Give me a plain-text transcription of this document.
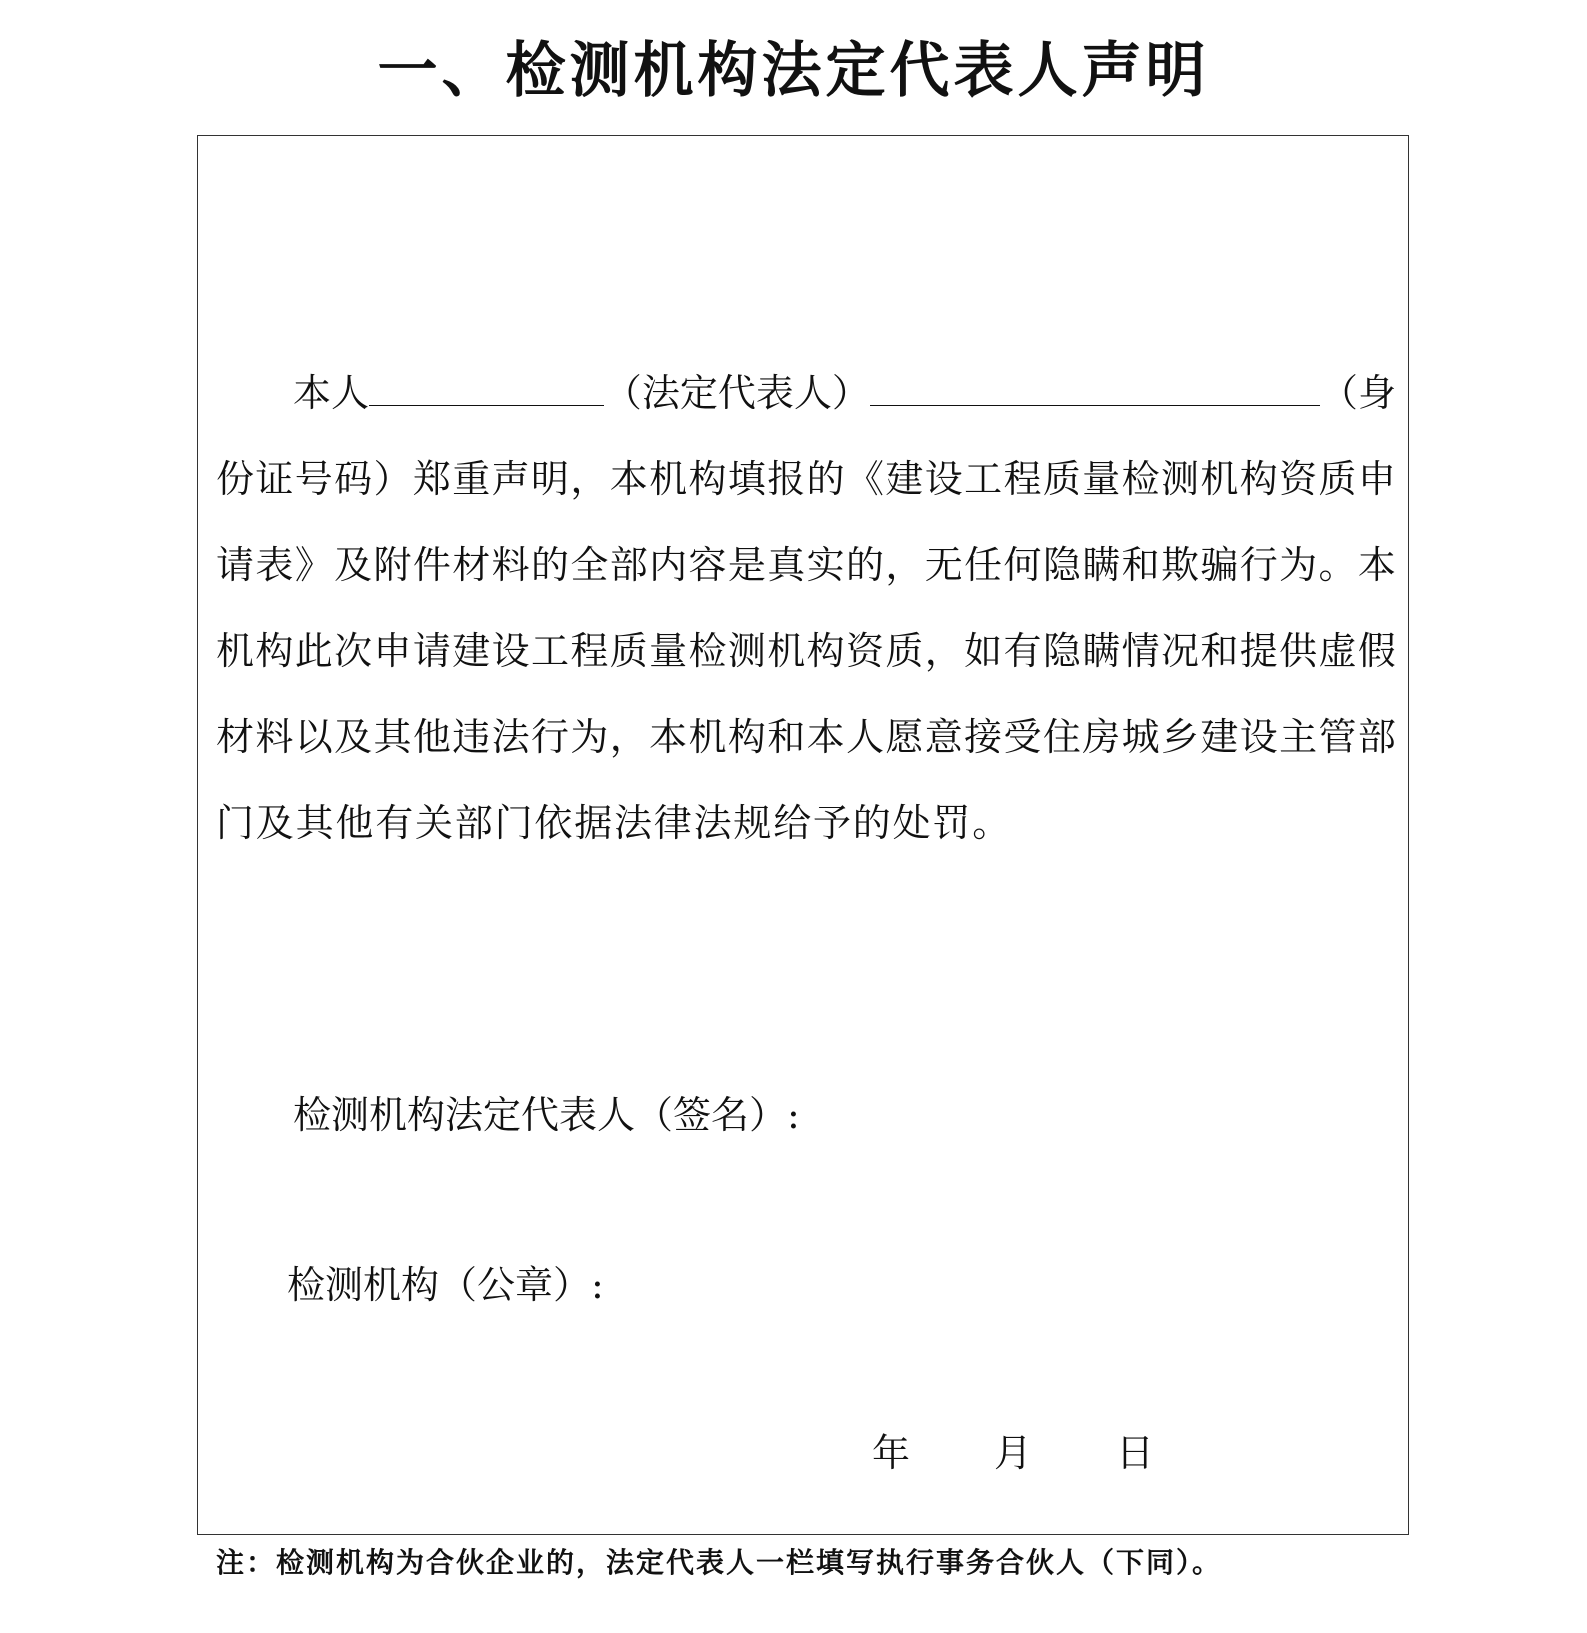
一、检测机构法定代表人声明
本人	（法定代表人）	（身
份 证 号 码 ） 郑 重 声 明 ， 本 机 构 填 报 的 《 建 设 工 程 质 量 检 测 机 构 资 质 申
请 表 》 及 附 件 材 料 的 全 部 内 容 是 真 实 的 ， 无 任 何 隐 瞒 和 欺 骗 行 为 。 本
机 构 此 次 申 请 建 设 工 程 质 量 检 测 机 构 资 质 ， 如 有 隐 瞒 情 况 和 提 供 虚 假
材 料 以 及 其 他 违 法 行 为 ， 本 机 构 和 本 人 愿 意 接 受 住 房 城 乡 建 设 主 管 部
门及其他有关部门依据法律法规给予的处罚。
检测机构法定代表人（签名）:
检测机构（公章）:
年 月 日
注：检测机构为合伙企业的，法定代表人一栏填写执行事务合伙人（下同）。
